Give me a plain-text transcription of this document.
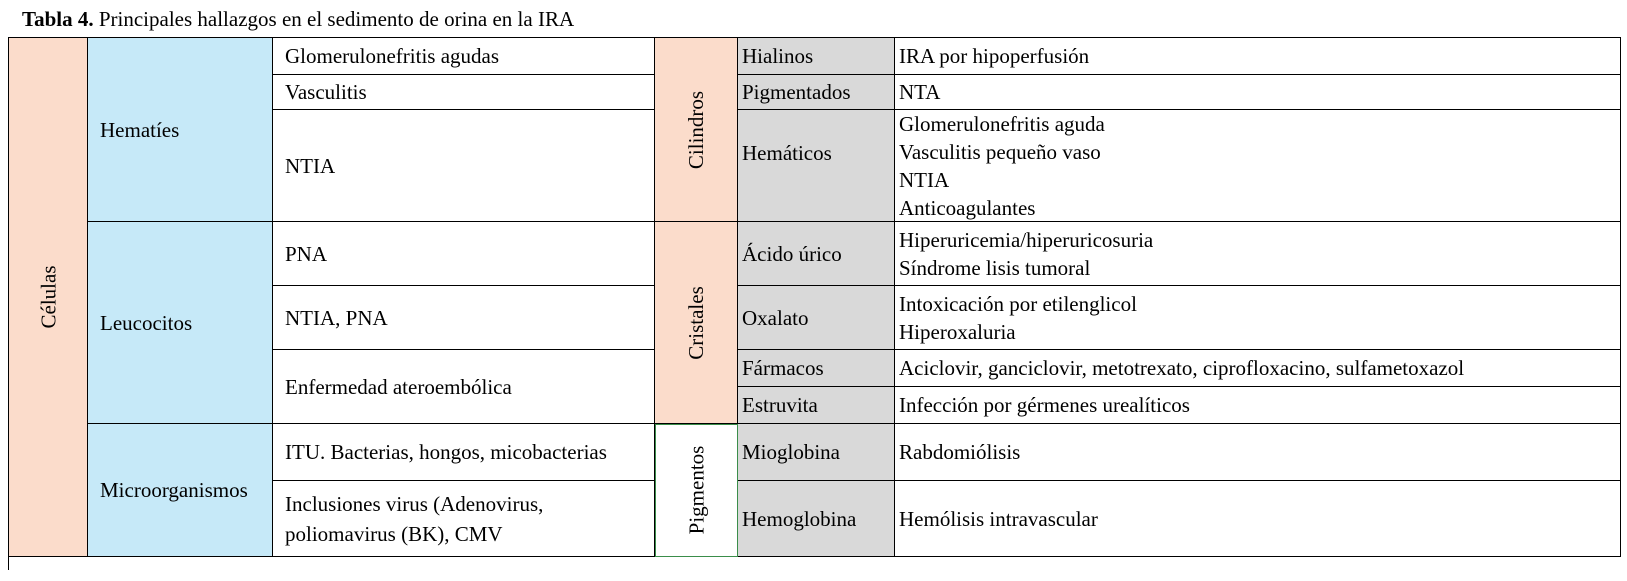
Tabla 4. Principales hallazgos en el sedimento de orina en la IRA
Células
Hematíes
Leucocitos
Microorganismos
Glomerulonefritis agudas
Vasculitis
NTIA
PNA
NTIA, PNA
Enfermedad ateroembólica
ITU. Bacterias, hongos, micobacterias
Inclusiones virus (Adenovirus, poliomavirus (BK), CMV
Cilindros
Cristales
Pigmentos
Hialinos
Pigmentados
Hemáticos
Ácido úrico
Oxalato
Fármacos
Estruvita
Mioglobina
Hemoglobina
IRA por hipoperfusión
NTA
Glomerulonefritis aguda
Vasculitis pequeño vaso
NTIA
Anticoagulantes
Hiperuricemia/hiperuricosuria
Síndrome lisis tumoral
Intoxicación por etilenglicol
Hiperoxaluria
Aciclovir, ganciclovir, metotrexato, ciprofloxacino, sulfametoxazol
Infección por gérmenes urealíticos
Rabdomiólisis
Hemólisis intravascular
